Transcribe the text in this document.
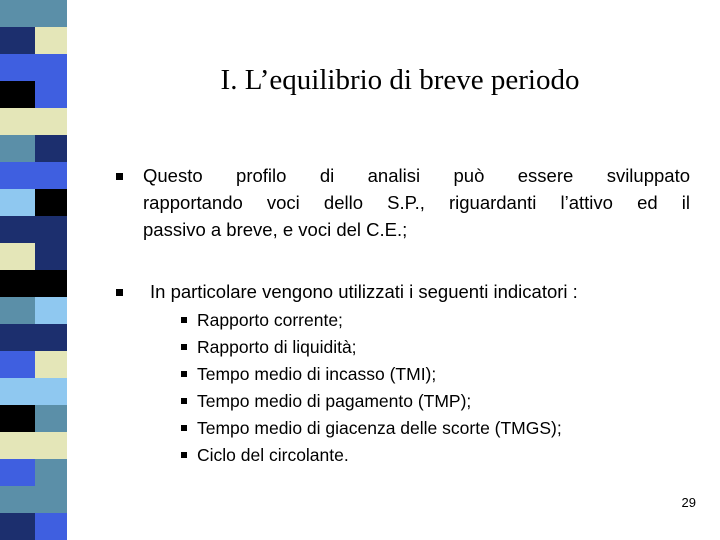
I. L’equilibrio di breve periodo
Questo profilo di analisi può essere sviluppato
rapportando voci dello S.P., riguardanti l’attivo ed il
passivo a breve, e voci del C.E.;
In particolare vengono utilizzati i seguenti indicatori :
Rapporto corrente;
Rapporto di liquidità;
Tempo medio di incasso (TMI);
Tempo medio di pagamento (TMP);
Tempo medio di giacenza delle scorte (TMGS);
Ciclo del circolante.
29
